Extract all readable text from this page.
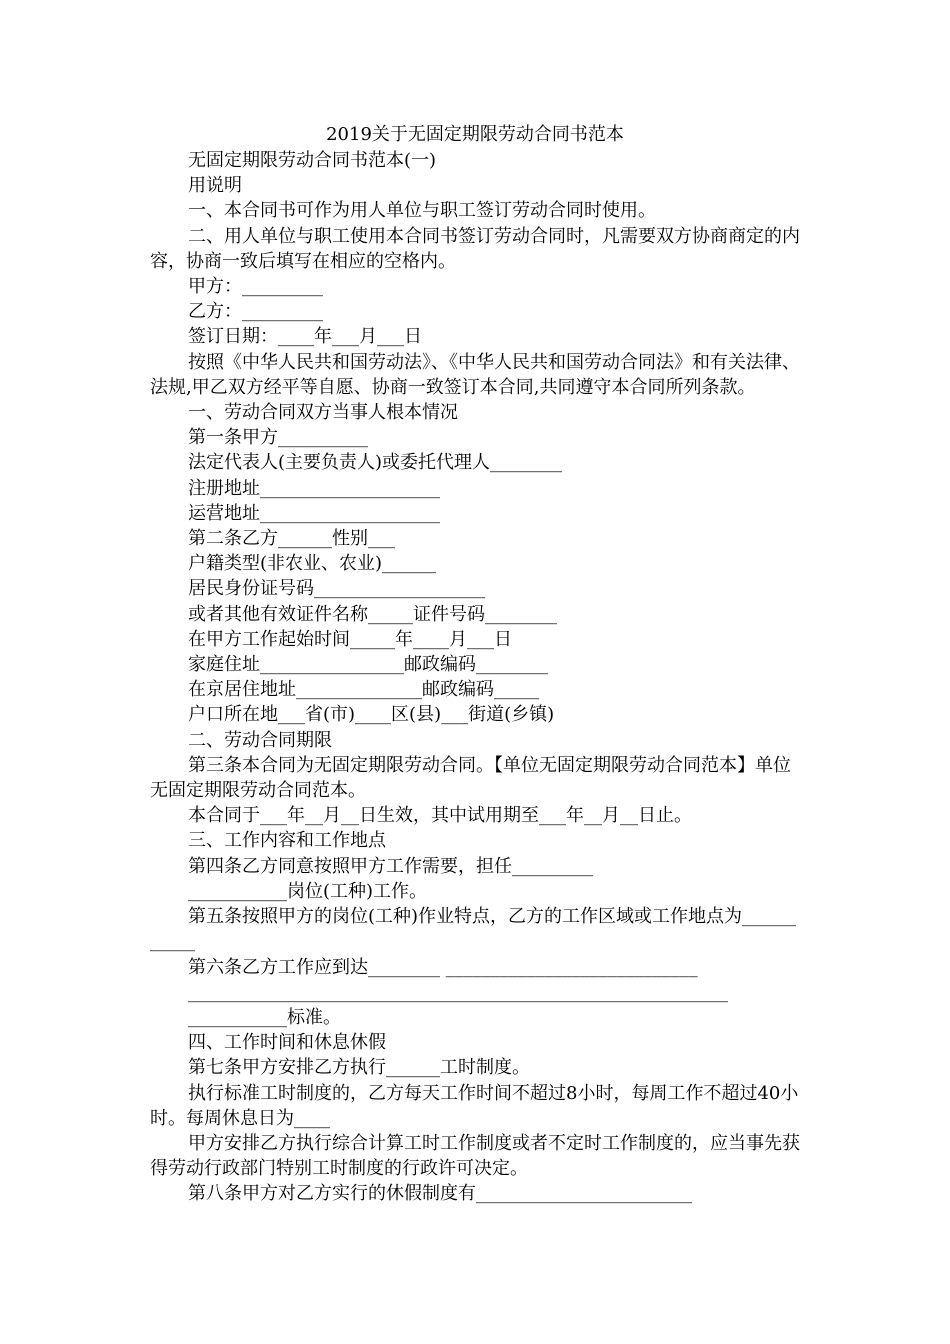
2019关于无固定期限劳动合同书范本

无固定期限劳动合同书范本(一)

用说明

一、本合同书可作为用人单位与职工签订劳动合同时使用。

二、用人单位与职工使用本合同书签订劳动合同时，凡需要双方协商商定的内容，协商一致后填写在相应的空格内。

甲方：_________

乙方：_________

签订日期：____年___月___日

按照《中华人民共和国劳动法》、《中华人民共和国劳动合同法》和有关法律、法规,甲乙双方经平等自愿、协商一致签订本合同,共同遵守本合同所列条款。

一、劳动合同双方当事人根本情况

第一条甲方__________

法定代表人(主要负责人)或委托代理人________

注册地址____________________

运营地址____________________

第二条乙方______性别___

户籍类型(非农业、农业)______

居民身份证号码___________________

或者其他有效证件名称_____证件号码________

在甲方工作起始时间_____年____月___日

家庭住址________________邮政编码________

在京居住地址______________邮政编码_____

户口所在地___省(市)____区(县)___街道(乡镇)

二、劳动合同期限

第三条本合同为无固定期限劳动合同。【单位无固定期限劳动合同范本】单位无固定期限劳动合同范本。

本合同于___年__月__日生效，其中试用期至___年__月__日止。

三、工作内容和工作地点

第四条乙方同意按照甲方工作需要，担任_________

___________岗位(工种)工作。

第五条按照甲方的岗位(工种)作业特点，乙方的工作区域或工作地点为___________

第六条乙方工作应到达________ ____________________________

____________________________________________________________

___________标准。

四、工作时间和休息休假

第七条甲方安排乙方执行______工时制度。

执行标准工时制度的，乙方每天工作时间不超过8小时，每周工作不超过40小时。每周休息日为____

甲方安排乙方执行综合计算工时工作制度或者不定时工作制度的，应当事先获得劳动行政部门特别工时制度的行政许可决定。

第八条甲方对乙方实行的休假制度有________________________
